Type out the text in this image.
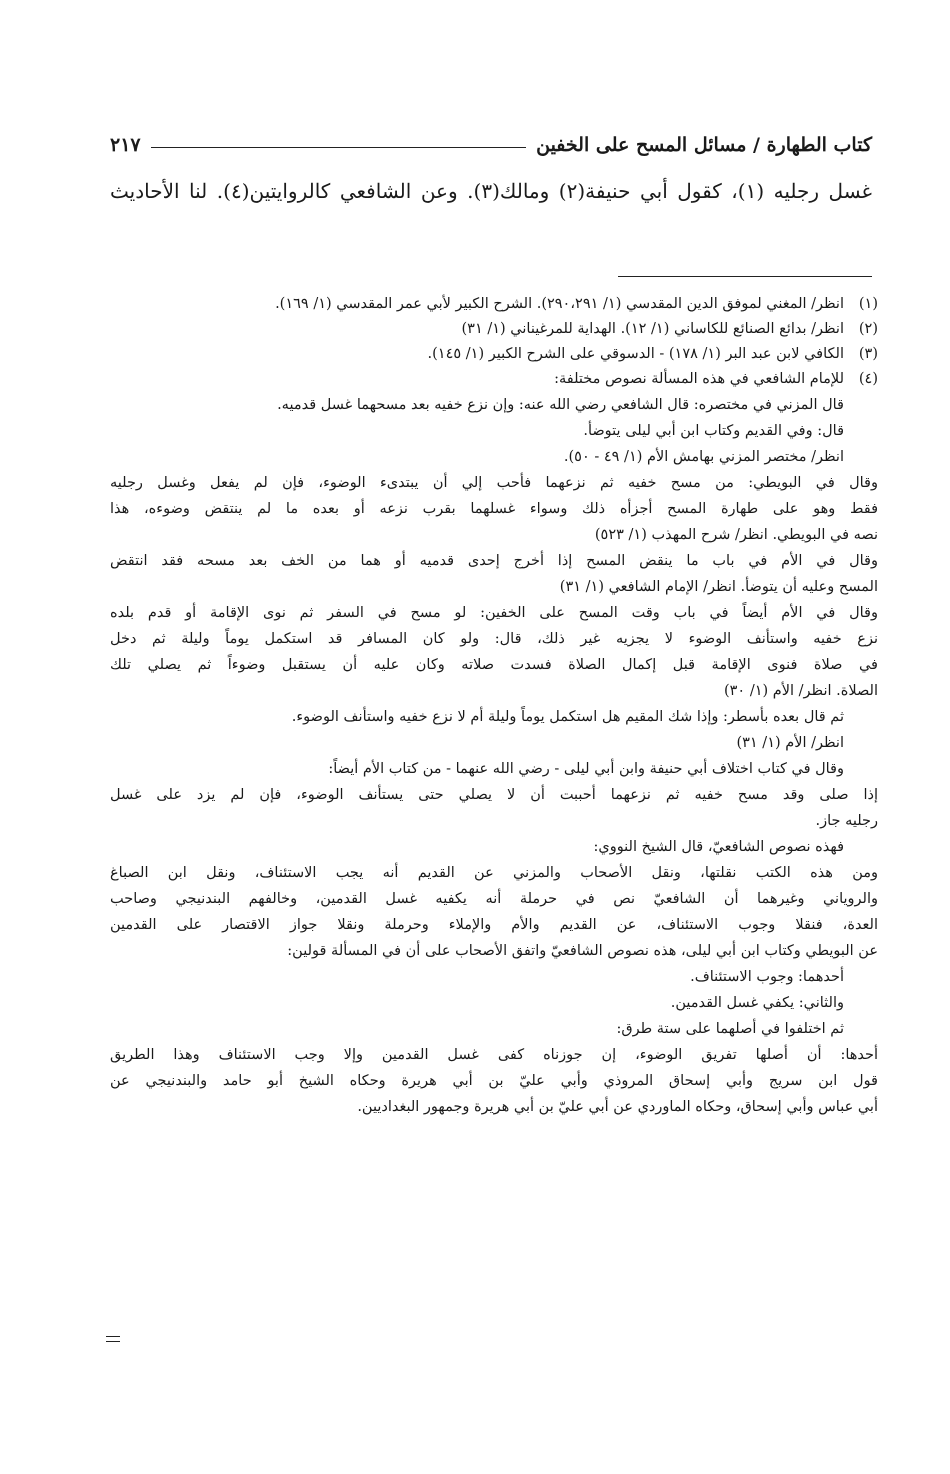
كتاب الطهارة / مسائل المسح على الخفين
٢١٧
غسل رجليه (١)، كقول أبي حنيفة(٢) ومالك(٣). وعن الشافعي كالروايتين(٤). لنا الأحاديث
(١)
انظر/ المغني لموفق الدين المقدسي (١/ ٢٩٠،٢٩١). الشرح الكبير لأبي عمر المقدسي (١/ ١٦٩).
(٢)
انظر/ بدائع الصنائع للكاساني (١/ ١٢). الهداية للمرغيناني (١/ ٣١)
(٣)
الكافي لابن عبد البر (١/ ١٧٨) - الدسوقي على الشرح الكبير (١/ ١٤٥).
(٤)
للإمام الشافعي في هذه المسألة نصوص مختلفة:

قال المزني في مختصره: قال الشافعي رضي الله عنه: وإن نزع خفيه بعد مسحهما غسل قدميه.

قال: وفي القديم وكتاب ابن أبي ليلى يتوضأ.

انظر/ مختصر المزني بهامش الأم (١/ ٤٩ - ٥٠).

وقال في البويطي: من مسح خفيه ثم نزعهما فأحب إلي أن يبتدىء الوضوء، فإن لم يفعل وغسل رجليه
فقط وهو على طهارة المسح أجزأه ذلك وسواء غسلهما بقرب نزعه أو بعده ما لم ينتقض وضوءه، هذا
نصه في البويطي. انظر/ شرح المهذب (١/ ٥٢٣)

وقال في الأم في باب ما ينقض المسح إذا أخرج إحدى قدميه أو هما من الخف بعد مسحه فقد انتقض
المسح وعليه أن يتوضأ. انظر/ الإمام الشافعي (١/ ٣١)

وقال في الأم أيضاً في باب وقت المسح على الخفين: لو مسح في السفر ثم نوى الإقامة أو قدم بلده
نزع خفيه واستأنف الوضوء لا يجزيه غير ذلك، قال: ولو كان المسافر قد استكمل يوماً وليلة ثم دخل
في صلاة فنوى الإقامة قبل إكمال الصلاة فسدت صلاته وكان عليه أن يستقبل وضوءاً ثم يصلي تلك
الصلاة. انظر/ الأم (١/ ٣٠)

ثم قال بعده بأسطر: وإذا شك المقيم هل استكمل يوماً وليلة أم لا نزع خفيه واستأنف الوضوء.

انظر/ الأم (١/ ٣١)

وقال في كتاب اختلاف أبي حنيفة وابن أبي ليلى - رضي الله عنهما - من كتاب الأم أيضاً:

إذا صلى وقد مسح خفيه ثم نزعهما أحببت أن لا يصلي حتى يستأنف الوضوء، فإن لم يزد على غسل
رجليه جاز.

فهذه نصوص الشافعيّ، قال الشيخ النووي:

ومن هذه الكتب نقلتها، ونقل الأصحاب والمزني عن القديم أنه يجب الاستئناف، ونقل ابن الصباغ
والروياني وغيرهما أن الشافعيّ نص في حرملة أنه يكفيه غسل القدمين، وخالفهم البندنيجي وصاحب
العدة، فنقلا وجوب الاستئناف، عن القديم والأم والإملاء وحرملة ونقلا جواز الاقتصار على القدمين
عن البويطي وكتاب ابن أبي ليلى، هذه نصوص الشافعيّ واتفق الأصحاب على أن في المسألة قولين:

أحدهما: وجوب الاستئناف.

والثاني: يكفي غسل القدمين.

ثم اختلفوا في أصلهما على ستة طرق:

أحدها: أن أصلها تفريق الوضوء، إن جوزناه كفى غسل القدمين وإلا وجب الاستئناف وهذا الطريق
قول ابن سريج وأبي إسحاق المروذي وأبي عليّ بن أبي هريرة وحكاه الشيخ أبو حامد والبندنيجي عن
أبي عباس وأبي إسحاق، وحكاه الماوردي عن أبي عليّ بن أبي هريرة وجمهور البغداديين.
